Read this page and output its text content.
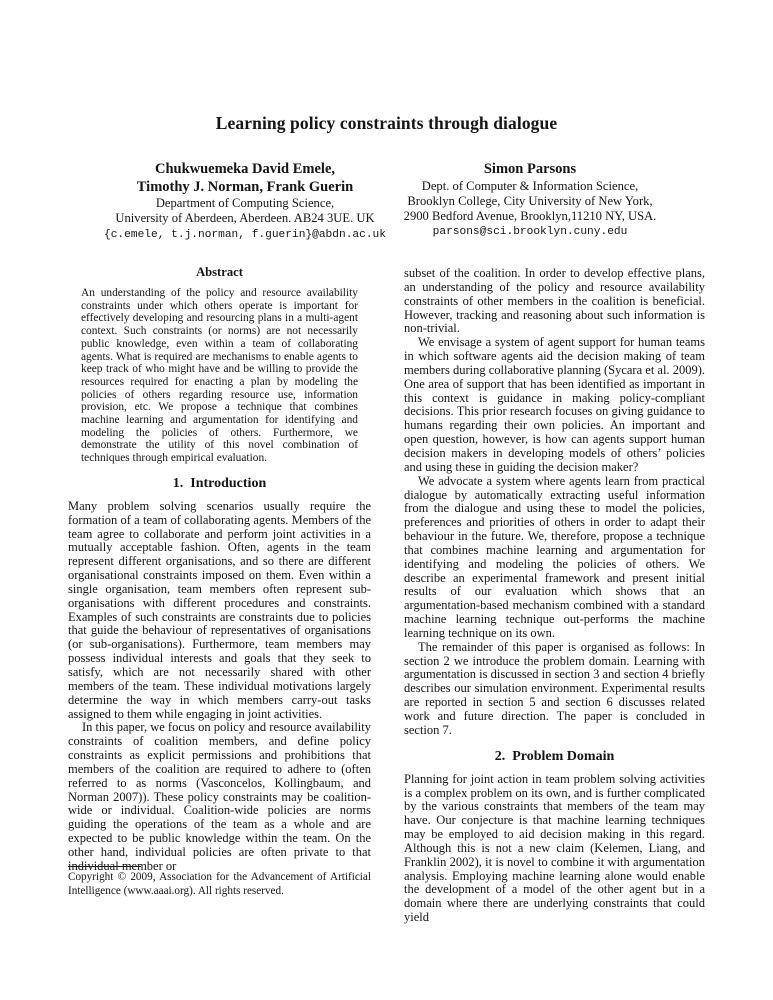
Learning policy constraints through dialogue
Chukwuemeka David Emele,
Timothy J. Norman, Frank Guerin
Department of Computing Science,
University of Aberdeen, Aberdeen. AB24 3UE. UK
{c.emele, t.j.norman, f.guerin}@abdn.ac.uk
Simon Parsons
Dept. of Computer & Information Science,
Brooklyn College, City University of New York,
2900 Bedford Avenue, Brooklyn,11210 NY, USA.
parsons@sci.brooklyn.cuny.edu
Abstract
An understanding of the policy and resource availability constraints under which others operate is important for effectively developing and resourcing plans in a multi-agent context. Such constraints (or norms) are not necessarily public knowledge, even within a team of collaborating agents. What is required are mechanisms to enable agents to keep track of who might have and be willing to provide the resources required for enacting a plan by modeling the policies of others regarding resource use, information provision, etc. We propose a technique that combines machine learning and argumentation for identifying and modeling the policies of others. Furthermore, we demonstrate the utility of this novel combination of techniques through empirical evaluation.
1. Introduction

Many problem solving scenarios usually require the formation of a team of collaborating agents. Members of the team agree to collaborate and perform joint activities in a mutually acceptable fashion. Often, agents in the team represent different organisations, and so there are different organisational constraints imposed on them. Even within a single organisation, team members often represent sub-organisations with different procedures and constraints. Examples of such constraints are constraints due to policies that guide the behaviour of representatives of organisations (or sub-organisations). Furthermore, team members may possess individual interests and goals that they seek to satisfy, which are not necessarily shared with other members of the team. These individual motivations largely determine the way in which members carry-out tasks assigned to them while engaging in joint activities.

In this paper, we focus on policy and resource availability constraints of coalition members, and define policy constraints as explicit permissions and prohibitions that members of the coalition are required to adhere to (often referred to as norms (Vasconcelos, Kollingbaum, and Norman 2007)). These policy constraints may be coalition-wide or individual. Coalition-wide policies are norms guiding the operations of the team as a whole and are expected to be public knowledge within the team. On the other hand, individual policies are often private to that individual member or

Copyright © 2009, Association for the Advancement of Artificial Intelligence (www.aaai.org). All rights reserved.

subset of the coalition. In order to develop effective plans, an understanding of the policy and resource availability constraints of other members in the coalition is beneficial. However, tracking and reasoning about such information is non-trivial.

We envisage a system of agent support for human teams in which software agents aid the decision making of team members during collaborative planning (Sycara et al. 2009). One area of support that has been identified as important in this context is guidance in making policy-compliant decisions. This prior research focuses on giving guidance to humans regarding their own policies. An important and open question, however, is how can agents support human decision makers in developing models of others’ policies and using these in guiding the decision maker?

We advocate a system where agents learn from practical dialogue by automatically extracting useful information from the dialogue and using these to model the policies, preferences and priorities of others in order to adapt their behaviour in the future. We, therefore, propose a technique that combines machine learning and argumentation for identifying and modeling the policies of others. We describe an experimental framework and present initial results of our evaluation which shows that an argumentation-based mechanism combined with a standard machine learning technique out-performs the machine learning technique on its own.

The remainder of this paper is organised as follows: In section 2 we introduce the problem domain. Learning with argumentation is discussed in section 3 and section 4 briefly describes our simulation environment. Experimental results are reported in section 5 and section 6 discusses related work and future direction. The paper is concluded in section 7.

2. Problem Domain

Planning for joint action in team problem solving activities is a complex problem on its own, and is further complicated by the various constraints that members of the team may have. Our conjecture is that machine learning techniques may be employed to aid decision making in this regard. Although this is not a new claim (Kelemen, Liang, and Franklin 2002), it is novel to combine it with argumentation analysis. Employing machine learning alone would enable the development of a model of the other agent but in a domain where there are underlying constraints that could yield
